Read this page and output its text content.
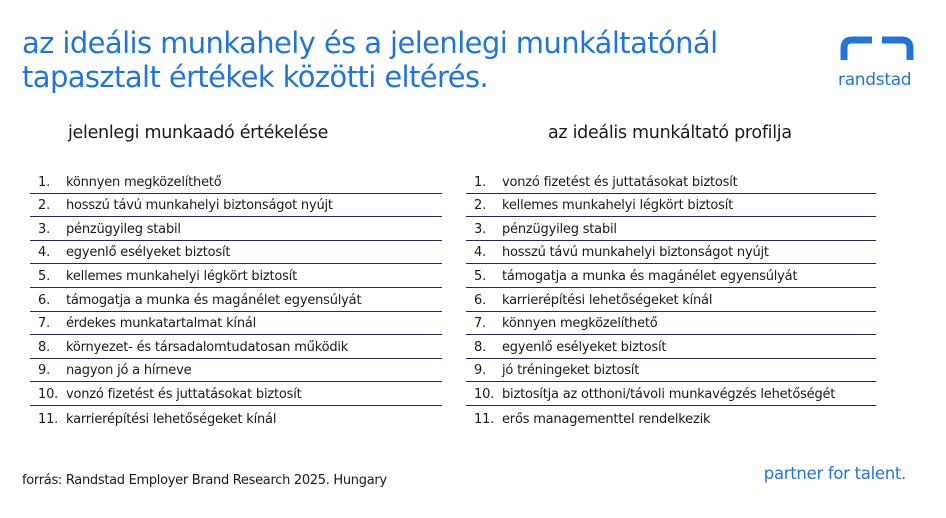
az ideális munkahely és a jelenlegi munkáltatónál
tapasztalt értékek közötti eltérés.	randstad
jelenlegi munkaadó értékelése
1.	könnyen megközelíthető
2.	hosszú távú munkahelyi biztonságot nyújt
3.	pénzügyileg stabil
4.	egyenlő esélyeket biztosít
5.	kellemes munkahelyi légkört biztosít
6.	támogatja a munka és magánélet egyensúlyát
7.	érdekes munkatartalmat kínál
8.	környezet- és társadalomtudatosan működik
9.	nagyon jó a hírneve
10. vonzó fizetést és juttatásokat biztosít
11. karrierépítési lehetőségeket kínál
az ideális munkáltató profilja
1.	vonzó fizetést és juttatásokat biztosít
2.	kellemes munkahelyi légkört biztosít
3.	pénzügyileg stabil
4.	hosszú távú munkahelyi biztonságot nyújt
5.	támogatja a munka és magánélet egyensúlyát
6.	karrierépítési lehetőségeket kínál
7.	könnyen megközelíthető
8.	egyenlő esélyeket biztosít
9.	jó tréningeket biztosít
10. biztosítja az otthoni/távoli munkavégzés lehetőségét
11. erős managementtel rendelkezik
forrás: Randstad Employer Brand Research 2025. Hungary	partner for talent.
